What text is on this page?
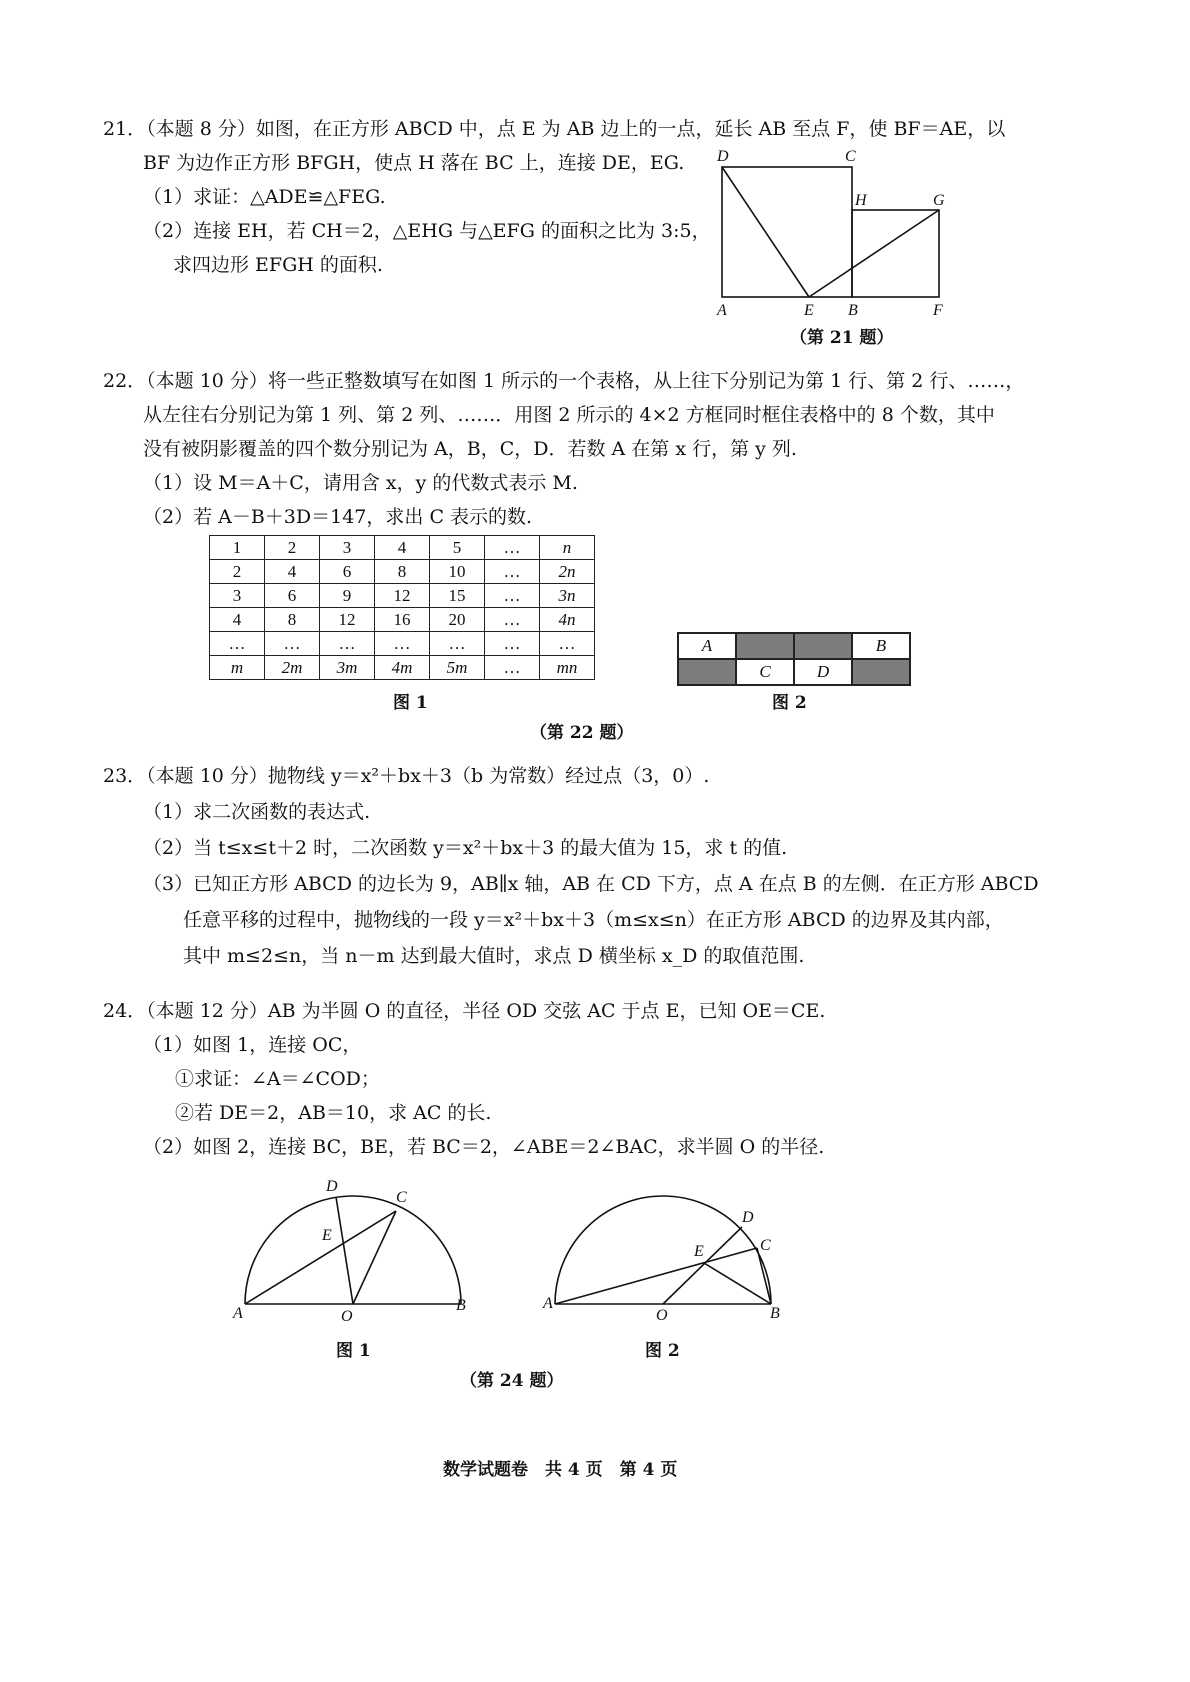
21．（本题 8 分）如图，在正方形 ABCD 中，点 E 为 AB 边上的一点，延长 AB 至点 F，使 BF＝AE，以
BF 为边作正方形 BFGH，使点 H 落在 BC 上，连接 DE，EG.
（1）求证：△ADE≌△FEG.
（2）连接 EH，若 CH＝2，△EHG 与△EFG 的面积之比为 3:5，
求四边形 EFGH 的面积.
D	C
H	G
A	E B	F
（第 21 题）
22．（本题 10 分）将一些正整数填写在如图 1 所示的一个表格，从上往下分别记为第 1 行、第 2 行、……，
从左往右分别记为第 1 列、第 2 列、……．用图 2 所示的 4×2 方框同时框住表格中的 8 个数，其中
没有被阴影覆盖的四个数分别记为 A，B，C，D．若数 A 在第 x 行，第 y 列.
（1）设 M＝A＋C，请用含 x，y 的代数式表示 M.
（2）若 A－B＋3D＝147，求出 C 表示的数.
1	2	3	4	5	…	n
2	4	6	8	10	…	2n
3	6	9	12	15	…	3n
4	8	12	16	20	…	4n
…	…	…	…	…	…	…
m	2m	3m	4m	5m	…	mn
图 1
A			B
	C	D	
图 2
（第 22 题）
23．（本题 10 分）抛物线 y＝x²＋bx＋3（b 为常数）经过点（3，0）.
（1）求二次函数的表达式.
（2）当 t≤x≤t＋2 时，二次函数 y＝x²＋bx＋3 的最大值为 15，求 t 的值.
（3）已知正方形 ABCD 的边长为 9，AB∥x 轴，AB 在 CD 下方，点 A 在点 B 的左侧．在正方形 ABCD
任意平移的过程中，抛物线的一段 y＝x²＋bx＋3（m≤x≤n）在正方形 ABCD 的边界及其内部，
其中 m≤2≤n，当 n－m 达到最大值时，求点 D 横坐标 x_D 的取值范围.
24．（本题 12 分）AB 为半圆 O 的直径，半径 OD 交弦 AC 于点 E，已知 OE＝CE.
（1）如图 1，连接 OC，
①求证：∠A＝∠COD；
②若 DE＝2，AB＝10，求 AC 的长.
（2）如图 2，连接 BC，BE，若 BC＝2，∠ABE＝2∠BAC，求半圆 O 的半径.
D
C
E
A	O
B
图 1
D
C
E
A
O	B
图 2
（第 24 题）
数学试题卷　共 4 页　第 4 页
